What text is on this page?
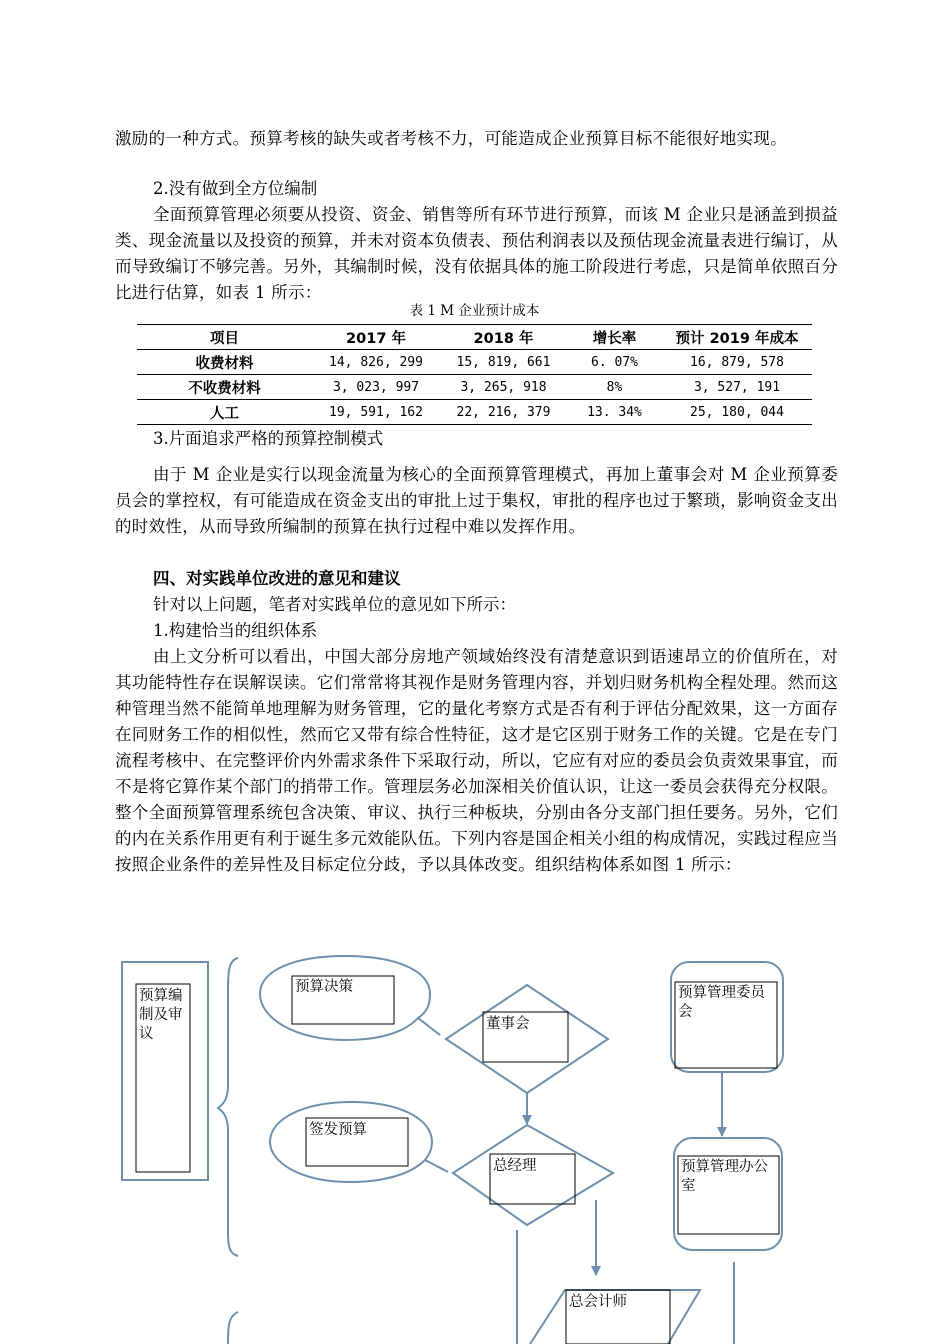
激励的一种方式。预算考核的缺失或者考核不力，可能造成企业预算目标不能很好地实现。

2.没有做到全方位编制

全面预算管理必须要从投资、资金、销售等所有环节进行预算，而该 M 企业只是涵盖到损益类、现金流量以及投资的预算，并未对资本负债表、预估利润表以及预估现金流量表进行编订，从而导致编订不够完善。另外，其编制时候，没有依据具体的施工阶段进行考虑，只是简单依照百分比进行估算，如表 1 所示：

表 1 M 企业预计成本
项目	2017 年	2018 年	增长率	预计 2019 年成本
收费材料	14, 826, 299	15, 819, 661	6. 07%	16, 879, 578
不收费材料	3, 023, 997	3, 265, 918	8%	3, 527, 191
人工	19, 591, 162	22, 216, 379	13. 34%	25, 180, 044

3.片面追求严格的预算控制模式

由于 M 企业是实行以现金流量为核心的全面预算管理模式，再加上董事会对 M 企业预算委员会的掌控权，有可能造成在资金支出的审批上过于集权，审批的程序也过于繁琐，影响资金支出的时效性，从而导致所编制的预算在执行过程中难以发挥作用。

四、对实践单位改进的意见和建议

针对以上问题，笔者对实践单位的意见如下所示：

1.构建恰当的组织体系

由上文分析可以看出，中国大部分房地产领域始终没有清楚意识到语速昂立的价值所在，对其功能特性存在误解误读。它们常常将其视作是财务管理内容，并划归财务机构全程处理。然而这种管理当然不能简单地理解为财务管理，它的量化考察方式是否有利于评估分配效果，这一方面存在同财务工作的相似性，然而它又带有综合性特征，这才是它区别于财务工作的关键。它是在专门流程考核中、在完整评价内外需求条件下采取行动，所以，它应有对应的委员会负责效果事宜，而不是将它算作某个部门的捎带工作。管理层务必加深相关价值认识，让这一委员会获得充分权限。整个全面预算管理系统包含决策、审议、执行三种板块，分别由各分支部门担任要务。另外，它们的内在关系作用更有利于诞生多元效能队伍。下列内容是国企相关小组的构成情况，实践过程应当按照企业条件的差异性及目标定位分歧，予以具体改变。组织结构体系如图 1 所示：

预算编制及审议

预算决策

董事会

预算管理委员会

签发预算

总经理	预算管理办公室

总会计师
